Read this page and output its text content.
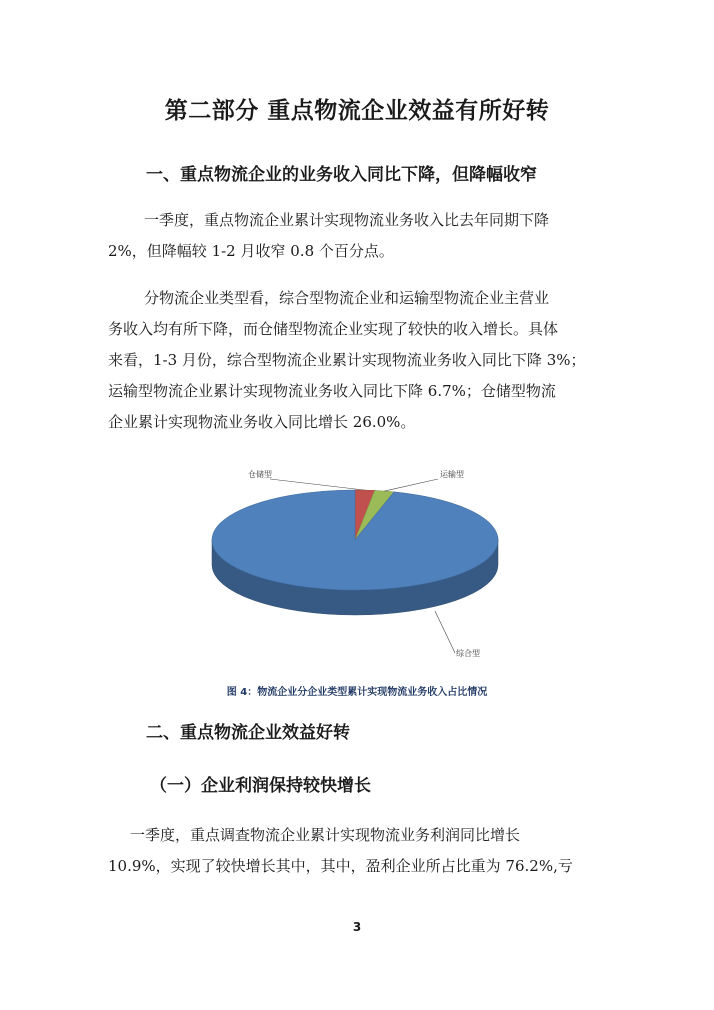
第二部分 重点物流企业效益有所好转
一、重点物流企业的业务收入同比下降，但降幅收窄
一季度，重点物流企业累计实现物流业务收入比去年同期下降
2%，但降幅较 1-2 月收窄 0.8 个百分点。
分物流企业类型看，综合型物流企业和运输型物流企业主营业
务收入均有所下降，而仓储型物流企业实现了较快的收入增长。具体
来看，1-3 月份，综合型物流企业累计实现物流业务收入同比下降 3%；
运输型物流企业累计实现物流业务收入同比下降 6.7%；仓储型物流
企业累计实现物流业务收入同比增长 26.0%。
仓储型	运输型
综合型
图 4：物流企业分企业类型累计实现物流业务收入占比情况
二、重点物流企业效益好转
（一）企业利润保持较快增长
一季度，重点调查物流企业累计实现物流业务利润同比增长
10.9%，实现了较快增长其中，其中，盈利企业所占比重为 76.2%,亏
3
